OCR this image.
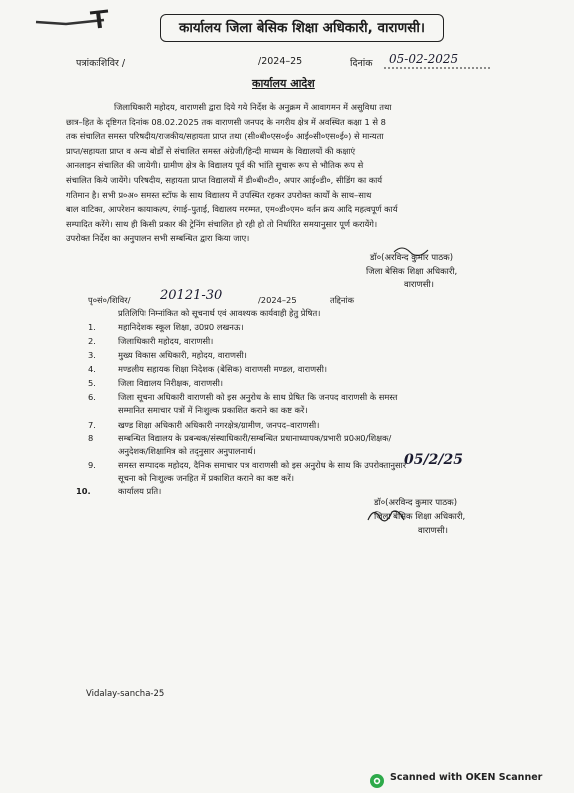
कार्यालय जिला बेसिक शिक्षा अधिकारी, वाराणसी।
पत्रांकःशिविर /	/2024–25	दिनांक 05-02-2025
कार्यालय आदेश
जिलाधिकारी महोदय, वाराणसी द्वारा दिये गये निर्देश के अनुक्रम में आवागमन में असुविधा तथा
छात्र–हित के दृष्टिगत दिनांक 08.02.2025 तक वाराणसी जनपद के नगरीय क्षेत्र में अवस्थित कक्षा 1 से 8
तक संचालित समस्त परिषदीय/राजकीय/सहायता प्राप्त तथा (सी०बी०एस०ई० आई०सी०एस०ई०) से मान्यता
प्राप्त/सहायता प्राप्त व अन्य बोर्डों से संचालित समस्त अंग्रेजी/हिन्दी माध्यम के विद्यालयों की कक्षाएं
आनलाइन संचालित की जायेगी। ग्रामीण क्षेत्र के विद्यालय पूर्व की भांति सुचारू रूप से भौतिक रूप से
संचालित किये जायेंगे। परिषदीय, सहायता प्राप्त विद्यालयों में डी०बी०टी०, अपार आई०डी०, सीडिंग का कार्य
गतिमान है। सभी प्र०अ० समस्त स्टॉफ के साथ विद्यालय में उपस्थित रहकर उपरोक्त कार्यों के साथ–साथ
बाल वाटिका, आपरेशन कायाकल्प, रंगाई–पुताई, विद्यालय मरम्मत, एम०डी०एम० वर्तन क्रय आदि महत्वपूर्ण कार्य
सम्पादित करेंगे। साथ ही किसी प्रकार की ट्रेनिंग संचालित हो रही हो तो निर्धारित समयानुसार पूर्ण करायेंगे।
उपरोक्त निर्देश का अनुपालन सभी सम्बन्धित द्वारा किया जाए।
डॉ०(अरविन्द कुमार पाठक)
जिला बेसिक शिक्षा अधिकारी,
वाराणसी।
पृ०सं०/शिविर/ 20121-30	/2024–25	तद्दिनांक
प्रतिलिपिः निम्नांकित को सूचनार्थ एवं आवश्यक कार्यवाही हेतु प्रेषित।
1.	महानिदेशक स्कूल शिक्षा, उ0प्र0 लखनऊ।
2.	जिलाधिकारी महोदय, वाराणसी।
3.	मुख्य विकास अधिकारी, महोदय, वाराणसी।
4.	मण्डलीय सहायक शिक्षा निदेशक (बेसिक) वाराणसी मण्डल, वाराणसी।
5.	जिला विद्यालय निरीक्षक, वाराणसी।
6.	जिला सूचना अधिकारी वाराणसी को इस अनुरोध के साथ प्रेषित कि जनपद वाराणसी के समस्त
सम्मानित समाचार पत्रों में निःशुल्क प्रकाशित कराने का कष्ट करें।
7.	खण्ड शिक्षा अधिकारी अधिकारी नगरक्षेत्र/ग्रामीण, जनपद–वाराणसी।
8	सम्बन्धित विद्यालय के प्रबन्धक/संस्थाधिकारी/सम्बन्धित प्रधानाध्यापक/प्रभारी प्र0अ0/शिक्षक/
अनुदेशक/शिक्षामित्र को तद्नुसार अनुपालनार्थ।
9.	समस्त सम्पादक महोदय, दैनिक समाचार पत्र वाराणसी को इस अनुरोध के साथ कि उपरोक्तानुसार
सूचना को निःशुल्क जनहित में प्रकाशित कराने का कष्ट करें।
10.	कार्यालय प्रति।
05/2/25
डॉ०(अरविन्द कुमार पाठक)
जिला बेसिक शिक्षा अधिकारी,
वाराणसी।
Vidalay-sancha-25
Scanned with OKEN Scanner
